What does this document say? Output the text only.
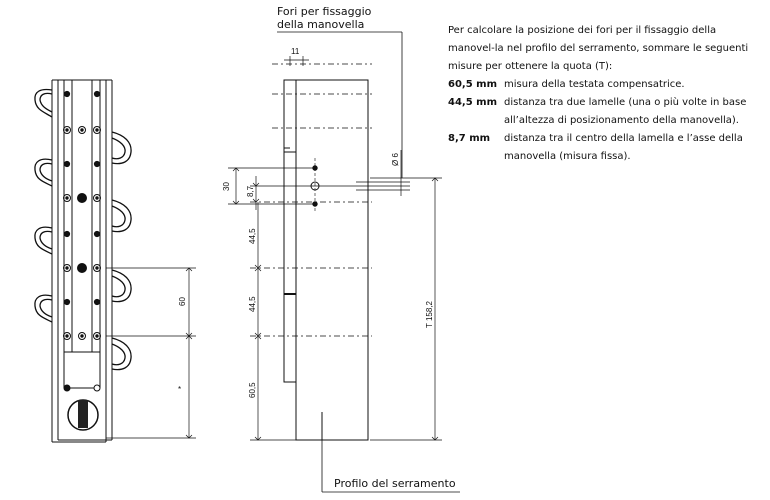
Fori per fissaggio
della manovella
Profilo del serramento
60
*
11
30 8,7
44,5
44,5
60,5
Ø 6
T 158,2

Per calcolare la posizione dei fori per il fissaggio della manovel-la nel profilo del serramento, sommare le seguenti misure per ottenere la quota (T):

60,5 mm misura della testata compensatrice.
44,5 mm distanza tra due lamelle (una o più volte in base all’altezza di posizionamento della manovella).
8,7 mm	distanza tra il centro della lamella e l’asse della manovella (misura fissa).
